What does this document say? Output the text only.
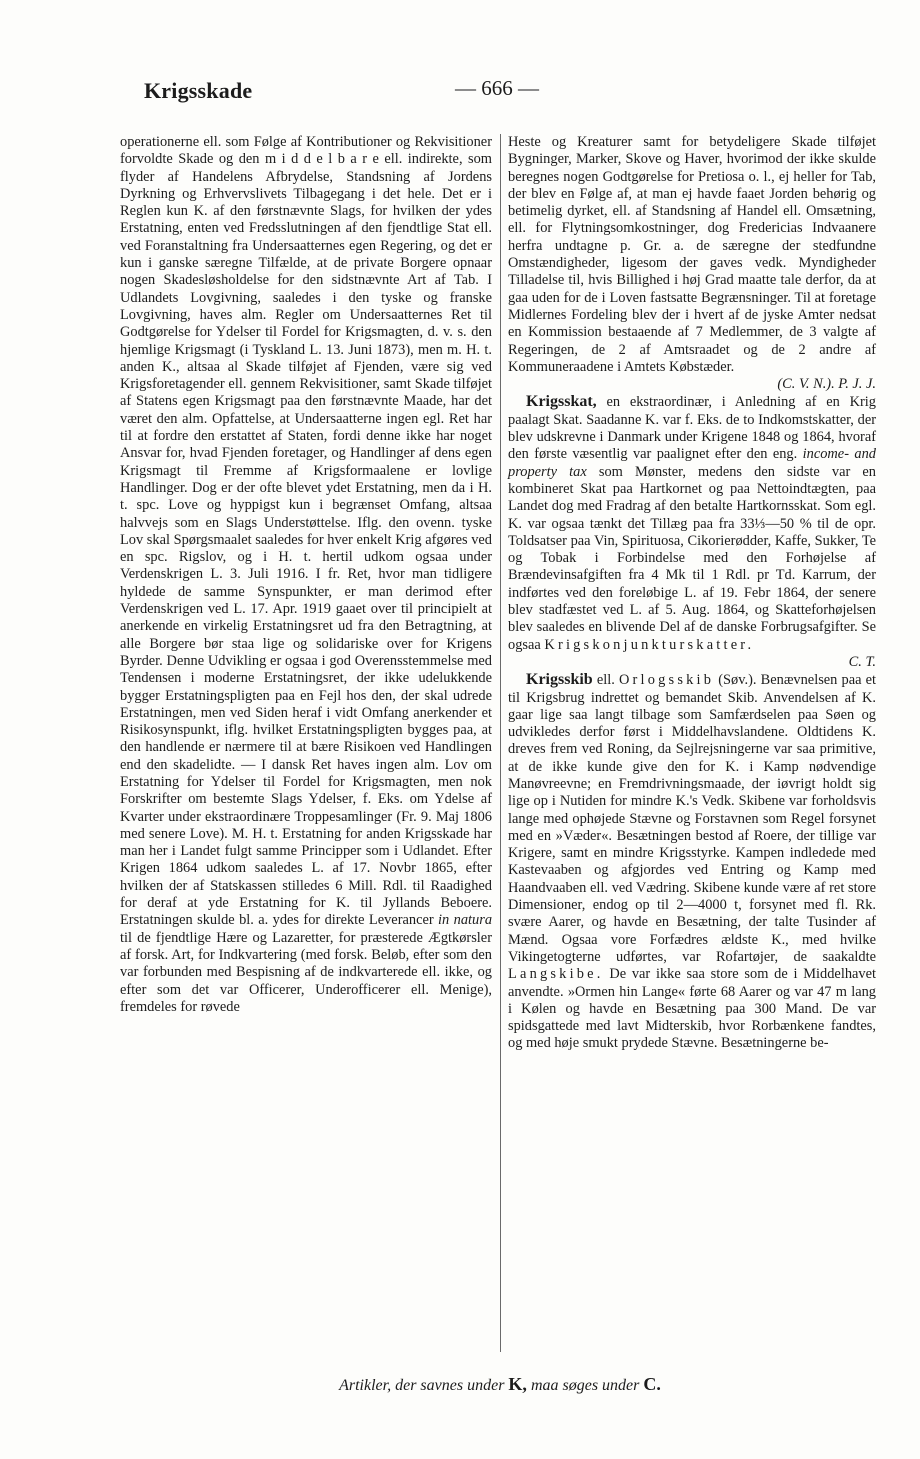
Krigsskade	— 666 —

operationerne ell. som Følge af Kontributioner og Rekvisitioner forvoldte Skade og den m i d d e l b a r e ell. indirekte, som flyder af Handelens Afbrydelse, Standsning af Jordens Dyrkning og Erhvervslivets Tilbagegang i det hele. Det er i Reglen kun K. af den førstnævnte Slags, for hvilken der ydes Erstatning, enten ved Fredsslutningen af den fjendtlige Stat ell. ved Foranstaltning fra Undersaatternes egen Regering, og det er kun i ganske særegne Tilfælde, at de private Borgere opnaar nogen Skadesløsholdelse for den sidstnævnte Art af Tab. I Udlandets Lovgivning, saaledes i den tyske og franske Lovgivning, haves alm. Regler om Undersaatternes Ret til Godtgørelse for Ydelser til Fordel for Krigsmagten, d. v. s. den hjemlige Krigsmagt (i Tyskland L. 13. Juni 1873), men m. H. t. anden K., altsaa al Skade tilføjet af Fjenden, være sig ved Krigsforetagender ell. gennem Rekvisitioner, samt Skade tilføjet af Statens egen Krigsmagt paa den førstnævnte Maade, har det været den alm. Opfattelse, at Undersaatterne ingen egl. Ret har til at fordre den erstattet af Staten, fordi denne ikke har noget Ansvar for, hvad Fjenden foretager, og Handlinger af dens egen Krigsmagt til Fremme af Krigsformaalene er lovlige Handlinger. Dog er der ofte blevet ydet Erstatning, men da i H. t. spc. Love og hyppigst kun i begrænset Omfang, altsaa halvvejs som en Slags Understøttelse. Iflg. den ovenn. tyske Lov skal Spørgsmaalet saaledes for hver enkelt Krig afgøres ved en spc. Rigslov, og i H. t. hertil udkom ogsaa under Verdenskrigen L. 3. Juli 1916. I fr. Ret, hvor man tidligere hyldede de samme Synspunkter, er man derimod efter Verdenskrigen ved L. 17. Apr. 1919 gaaet over til principielt at anerkende en virkelig Erstatningsret ud fra den Betragtning, at alle Borgere bør staa lige og solidariske over for Krigens Byrder. Denne Udvikling er ogsaa i god Overensstemmelse med Tendensen i moderne Erstatningsret, der ikke udelukkende bygger Erstatningspligten paa en Fejl hos den, der skal udrede Erstatningen, men ved Siden heraf i vidt Omfang anerkender et Risikosynspunkt, iflg. hvilket Erstatningspligten bygges paa, at den handlende er nærmere til at bære Risikoen ved Handlingen end den skadelidte. — I dansk Ret haves ingen alm. Lov om Erstatning for Ydelser til Fordel for Krigsmagten, men nok Forskrifter om bestemte Slags Ydelser, f. Eks. om Ydelse af Kvarter under ekstraordinære Troppesamlinger (Fr. 9. Maj 1806 med senere Love). M. H. t. Erstatning for anden Krigsskade har man her i Landet fulgt samme Principper som i Udlandet. Efter Krigen 1864 udkom saaledes L. af 17. Novbr 1865, efter hvilken der af Statskassen stilledes 6 Mill. Rdl. til Raadighed for deraf at yde Erstatning for K. til Jyllands Beboere. Erstatningen skulde bl. a. ydes for direkte Leverancer in natura til de fjendtlige Hære og Lazaretter, for præsterede Ægtkørsler af forsk. Art, for Indkvartering (med forsk. Beløb, efter som den var forbunden med Bespisning af de indkvarterede ell. ikke, og efter som det var Officerer, Underofficerer ell. Menige), fremdeles for røvede

Heste og Kreaturer samt for betydeligere Skade tilføjet Bygninger, Marker, Skove og Haver, hvorimod der ikke skulde beregnes nogen Godtgørelse for Pretiosa o. l., ej heller for Tab, der blev en Følge af, at man ej havde faaet Jorden behørig og betimelig dyrket, ell. af Standsning af Handel ell. Omsætning, ell. for Flytningsomkostninger, dog Fredericias Indvaanere herfra undtagne p. Gr. a. de særegne der stedfundne Omstændigheder, ligesom der gaves vedk. Myndigheder Tilladelse til, hvis Billighed i høj Grad maatte tale derfor, da at gaa uden for de i Loven fastsatte Begrænsninger. Til at foretage Midlernes Fordeling blev der i hvert af de jyske Amter nedsat en Kommission bestaaende af 7 Medlemmer, de 3 valgte af Regeringen, de 2 af Amtsraadet og de 2 andre af Kommuneraadene i Amtets Købstæder.

(C. V. N.). P. J. J.

Krigsskat, en ekstraordinær, i Anledning af en Krig paalagt Skat. Saadanne K. var f. Eks. de to Indkomstskatter, der blev udskrevne i Danmark under Krigene 1848 og 1864, hvoraf den første væsentlig var paalignet efter den eng. income- and property tax som Mønster, medens den sidste var en kombineret Skat paa Hartkornet og paa Nettoindtægten, paa Landet dog med Fradrag af den betalte Hartkornsskat. Som egl. K. var ogsaa tænkt det Tillæg paa fra 33⅓—50 % til de opr. Toldsatser paa Vin, Spirituosa, Cikorierødder, Kaffe, Sukker, Te og Tobak i Forbindelse med den Forhøjelse af Brændevinsafgiften fra 4 Mk til 1 Rdl. pr Td. Karrum, der indførtes ved den foreløbige L. af 19. Febr 1864, der senere blev stadfæstet ved L. af 5. Aug. 1864, og Skatteforhøjelsen blev saaledes en blivende Del af de danske Forbrugsafgifter. Se ogsaa Krigskonjunkturskatter.

C. T.

Krigsskib ell. Orlogsskib (Søv.). Benævnelsen paa et til Krigsbrug indrettet og bemandet Skib. Anvendelsen af K. gaar lige saa langt tilbage som Samfærdselen paa Søen og udvikledes derfor først i Middelhavslandene. Oldtidens K. dreves frem ved Roning, da Sejlrejsningerne var saa primitive, at de ikke kunde give den for K. i Kamp nødvendige Manøvreevne; en Fremdrivningsmaade, der iøvrigt holdt sig lige op i Nutiden for mindre K.'s Vedk. Skibene var forholdsvis lange med ophøjede Stævne og Forstavnen som Regel forsynet med en »Væder«. Besætningen bestod af Roere, der tillige var Krigere, samt en mindre Krigsstyrke. Kampen indledede med Kastevaaben og afgjordes ved Entring og Kamp med Haandvaaben ell. ved Vædring. Skibene kunde være af ret store Dimensioner, endog op til 2—4000 t, forsynet med fl. Rk. svære Aarer, og havde en Besætning, der talte Tusinder af Mænd. Ogsaa vore Forfædres ældste K., med hvilke Vikingetogterne udførtes, var Rofartøjer, de saakaldte Langskibe. De var ikke saa store som de i Middelhavet anvendte. »Ormen hin Lange« førte 68 Aarer og var 47 m lang i Kølen og havde en Besætning paa 300 Mand. De var spidsgattede med lavt Midterskib, hvor Rorbænkene fandtes, og med høje smukt prydede Stævne. Besætningerne be-

Artikler, der savnes under K, maa søges under C.
